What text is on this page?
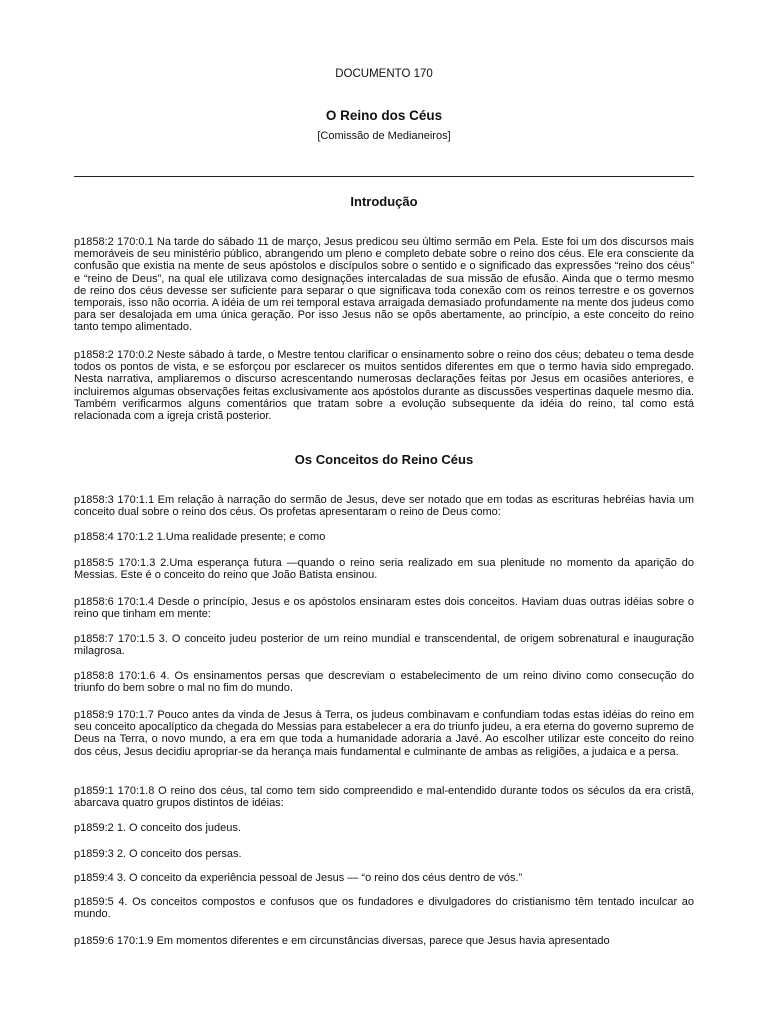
DOCUMENTO 170
O Reino dos Céus
[Comissão de Medianeiros]
Introdução

p1858:2 170:0.1 Na tarde do sábado 11 de março, Jesus predicou seu último sermão em Pela. Este foi um dos discursos mais memoráveis de seu ministério público, abrangendo um pleno e completo debate sobre o reino dos céus. Ele era consciente da confusão que existia na mente de seus apóstolos e discípulos sobre o sentido e o significado das expressões “reino dos céus” e “reino de Deus”, na qual ele utilizava como designações intercaladas de sua missão de efusão. Ainda que o termo mesmo de reino dos céus devesse ser suficiente para separar o que significava toda conexão com os reinos terrestre e os governos temporais, isso não ocorria. A idéia de um rei temporal estava arraigada demasiado profundamente na mente dos judeus como para ser desalojada em uma única geração. Por isso Jesus não se opôs abertamente, ao princípio, a este conceito do reino tanto tempo alimentado.

p1858:2 170:0.2 Neste sábado à tarde, o Mestre tentou clarificar o ensinamento sobre o reino dos céus; debateu o tema desde todos os pontos de vista, e se esforçou por esclarecer os muitos sentidos diferentes em que o termo havia sido empregado. Nesta narrativa, ampliaremos o discurso acrescentando numerosas declarações feitas por Jesus em ocasiões anteriores, e incluiremos algumas observações feitas exclusivamente aos apóstolos durante as discussões vespertinas daquele mesmo dia. Também verificarmos alguns comentários que tratam sobre a evolução subsequente da idéia do reino, tal como está relacionada com a igreja cristã posterior.

Os Conceitos do Reino Céus

p1858:3 170:1.1 Em relação à narração do sermão de Jesus, deve ser notado que em todas as escrituras hebréias havia um conceito dual sobre o reino dos céus. Os profetas apresentaram o reino de Deus como:

p1858:4 170:1.2 1.Uma realidade presente; e como

p1858:5 170:1.3 2.Uma esperança futura —quando o reino seria realizado em sua plenitude no momento da aparição do Messias. Este é o conceito do reino que João Batista ensinou.

p1858:6 170:1.4 Desde o princípio, Jesus e os apóstolos ensinaram estes dois conceitos. Haviam duas outras idéias sobre o reino que tinham em mente:

p1858:7 170:1.5 3. O conceito judeu posterior de um reino mundial e transcendental, de origem sobrenatural e inauguração milagrosa.

p1858:8 170:1.6 4. Os ensinamentos persas que descreviam o estabelecimento de um reino divino como consecução do triunfo do bem sobre o mal no fim do mundo.

p1858:9 170:1.7 Pouco antes da vinda de Jesus à Terra, os judeus combinavam e confundiam todas estas idéias do reino em seu conceito apocalíptico da chegada do Messias para estabelecer a era do triunfo judeu, a era eterna do governo supremo de Deus na Terra, o novo mundo, a era em que toda a humanidade adoraria a Javé. Ao escolher utilizar este conceito do reino dos céus, Jesus decidiu apropriar-se da herança mais fundamental e culminante de ambas as religiões, a judaica e a persa.

p1859:1 170:1.8 O reino dos céus, tal como tem sido compreendido e mal-entendido durante todos os séculos da era cristã, abarcava quatro grupos distintos de idéias:

p1859:2 1. O conceito dos judeus.

p1859:3 2. O conceito dos persas.

p1859:4 3. O conceito da experiência pessoal de Jesus — “o reino dos céus dentro de vós.”

p1859:5 4. Os conceitos compostos e confusos que os fundadores e divulgadores do cristianismo têm tentado inculcar ao mundo.

p1859:6 170:1.9 Em momentos diferentes e em circunstâncias diversas, parece que Jesus havia apresentado
